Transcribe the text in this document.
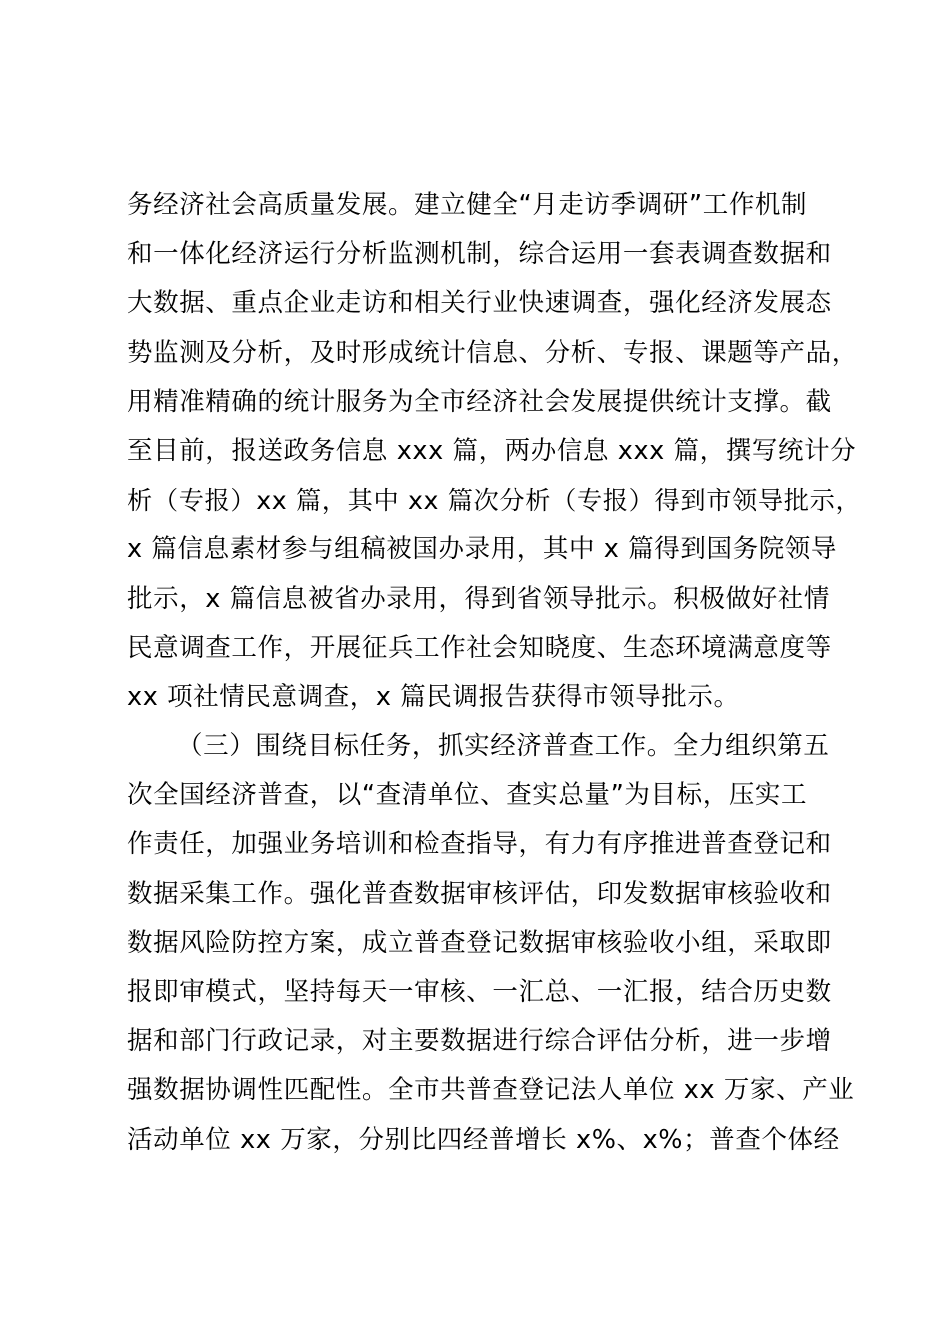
务经济社会高质量发展。建立健全“月走访季调研”工作机制
和一体化经济运行分析监测机制，综合运用一套表调查数据和
大数据、重点企业走访和相关行业快速调查，强化经济发展态
势监测及分析，及时形成统计信息、分析、专报、课题等产品，
用精准精确的统计服务为全市经济社会发展提供统计支撑。截
至目前，报送政务信息 xxx 篇，两办信息 xxx 篇，撰写统计分
析（专报）xx 篇，其中 xx 篇次分析（专报）得到市领导批示，
x 篇信息素材参与组稿被国办录用，其中 x 篇得到国务院领导
批示，x 篇信息被省办录用，得到省领导批示。积极做好社情
民意调查工作，开展征兵工作社会知晓度、生态环境满意度等
xx 项社情民意调查，x 篇民调报告获得市领导批示。
（三）围绕目标任务，抓实经济普查工作。全力组织第五
次全国经济普查，以“查清单位、查实总量”为目标，压实工
作责任，加强业务培训和检查指导，有力有序推进普查登记和
数据采集工作。强化普查数据审核评估，印发数据审核验收和
数据风险防控方案，成立普查登记数据审核验收小组，采取即
报即审模式，坚持每天一审核、一汇总、一汇报，结合历史数
据和部门行政记录，对主要数据进行综合评估分析，进一步增
强数据协调性匹配性。全市共普查登记法人单位 xx 万家、产业
活动单位 xx 万家，分别比四经普增长 x%、x%；普查个体经
